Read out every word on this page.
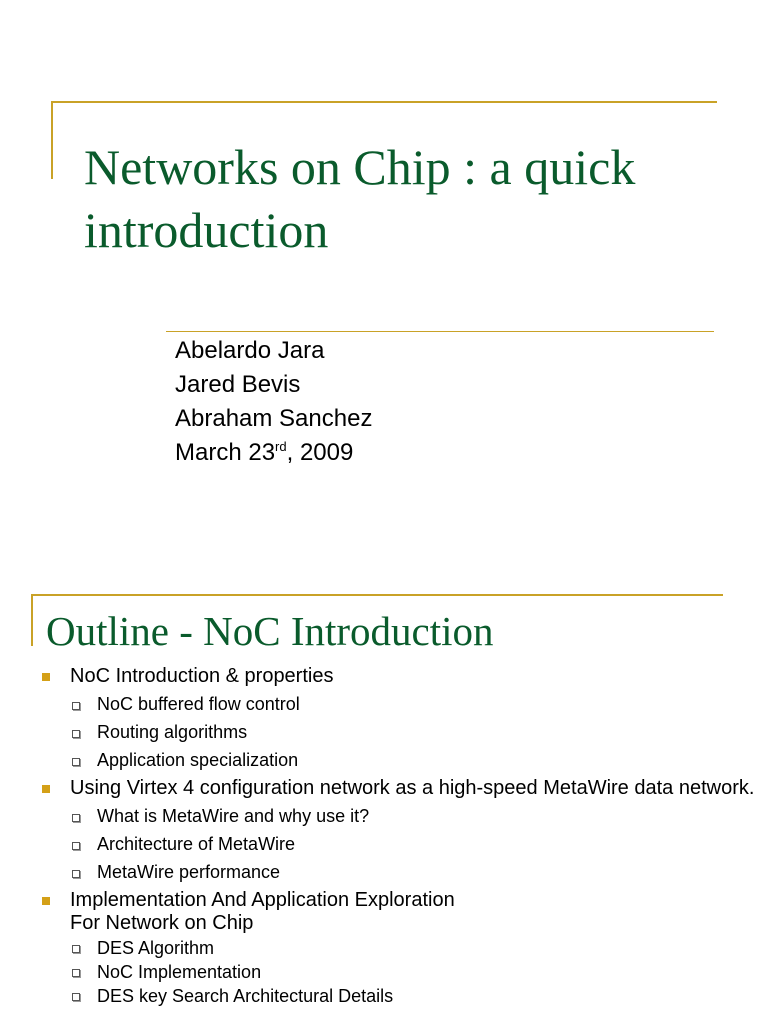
Networks on Chip : a quick introduction
Abelardo Jara
Jared Bevis
Abraham Sanchez
March 23rd, 2009
Outline - NoC Introduction
NoC Introduction & properties
NoC buffered flow control
Routing algorithms
Application specialization
Using Virtex 4 configuration network as a high-speed MetaWire data network.
What is MetaWire and why use it?
Architecture of MetaWire
MetaWire performance
Implementation And Application Exploration
For Network on Chip
DES Algorithm
NoC Implementation
DES key Search Architectural Details
